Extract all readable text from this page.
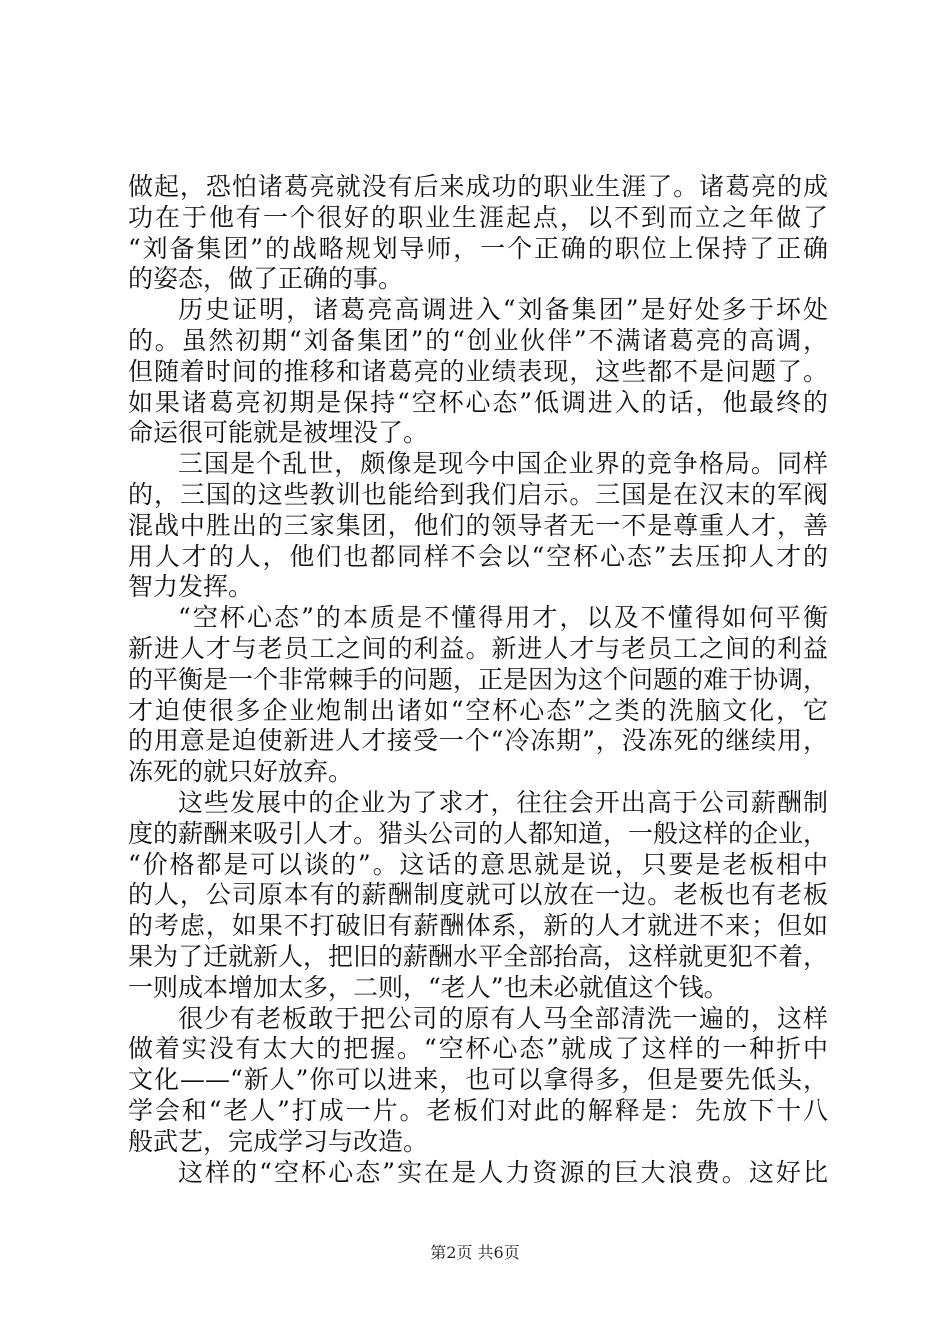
做起，恐怕诸葛亮就没有后来成功的职业生涯了。诸葛亮的成
功在于他有一个很好的职业生涯起点，以不到而立之年做了
“刘备集团”的战略规划导师，一个正确的职位上保持了正确
的姿态，做了正确的事。
历史证明，诸葛亮高调进入“刘备集团”是好处多于坏处
的。虽然初期“刘备集团”的“创业伙伴”不满诸葛亮的高调，
但随着时间的推移和诸葛亮的业绩表现，这些都不是问题了。
如果诸葛亮初期是保持“空杯心态”低调进入的话，他最终的
命运很可能就是被埋没了。
三国是个乱世，颇像是现今中国企业界的竞争格局。同样
的，三国的这些教训也能给到我们启示。三国是在汉末的军阀
混战中胜出的三家集团，他们的领导者无一不是尊重人才，善
用人才的人，他们也都同样不会以“空杯心态”去压抑人才的
智力发挥。
“空杯心态”的本质是不懂得用才，以及不懂得如何平衡
新进人才与老员工之间的利益。新进人才与老员工之间的利益
的平衡是一个非常棘手的问题，正是因为这个问题的难于协调，
才迫使很多企业炮制出诸如“空杯心态”之类的洗脑文化，它
的用意是迫使新进人才接受一个“冷冻期”，没冻死的继续用，
冻死的就只好放弃。
这些发展中的企业为了求才，往往会开出高于公司薪酬制
度的薪酬来吸引人才。猎头公司的人都知道，一般这样的企业，
“价格都是可以谈的”。这话的意思就是说，只要是老板相中
的人，公司原本有的薪酬制度就可以放在一边。老板也有老板
的考虑，如果不打破旧有薪酬体系，新的人才就进不来；但如
果为了迁就新人，把旧的薪酬水平全部抬高，这样就更犯不着，
一则成本增加太多，二则，“老人”也未必就值这个钱。
很少有老板敢于把公司的原有人马全部清洗一遍的，这样
做着实没有太大的把握。“空杯心态”就成了这样的一种折中
文化——“新人”你可以进来，也可以拿得多，但是要先低头，
学会和“老人”打成一片。老板们对此的解释是：先放下十八
般武艺，完成学习与改造。
这样的“空杯心态”实在是人力资源的巨大浪费。这好比
第2页 共6页
